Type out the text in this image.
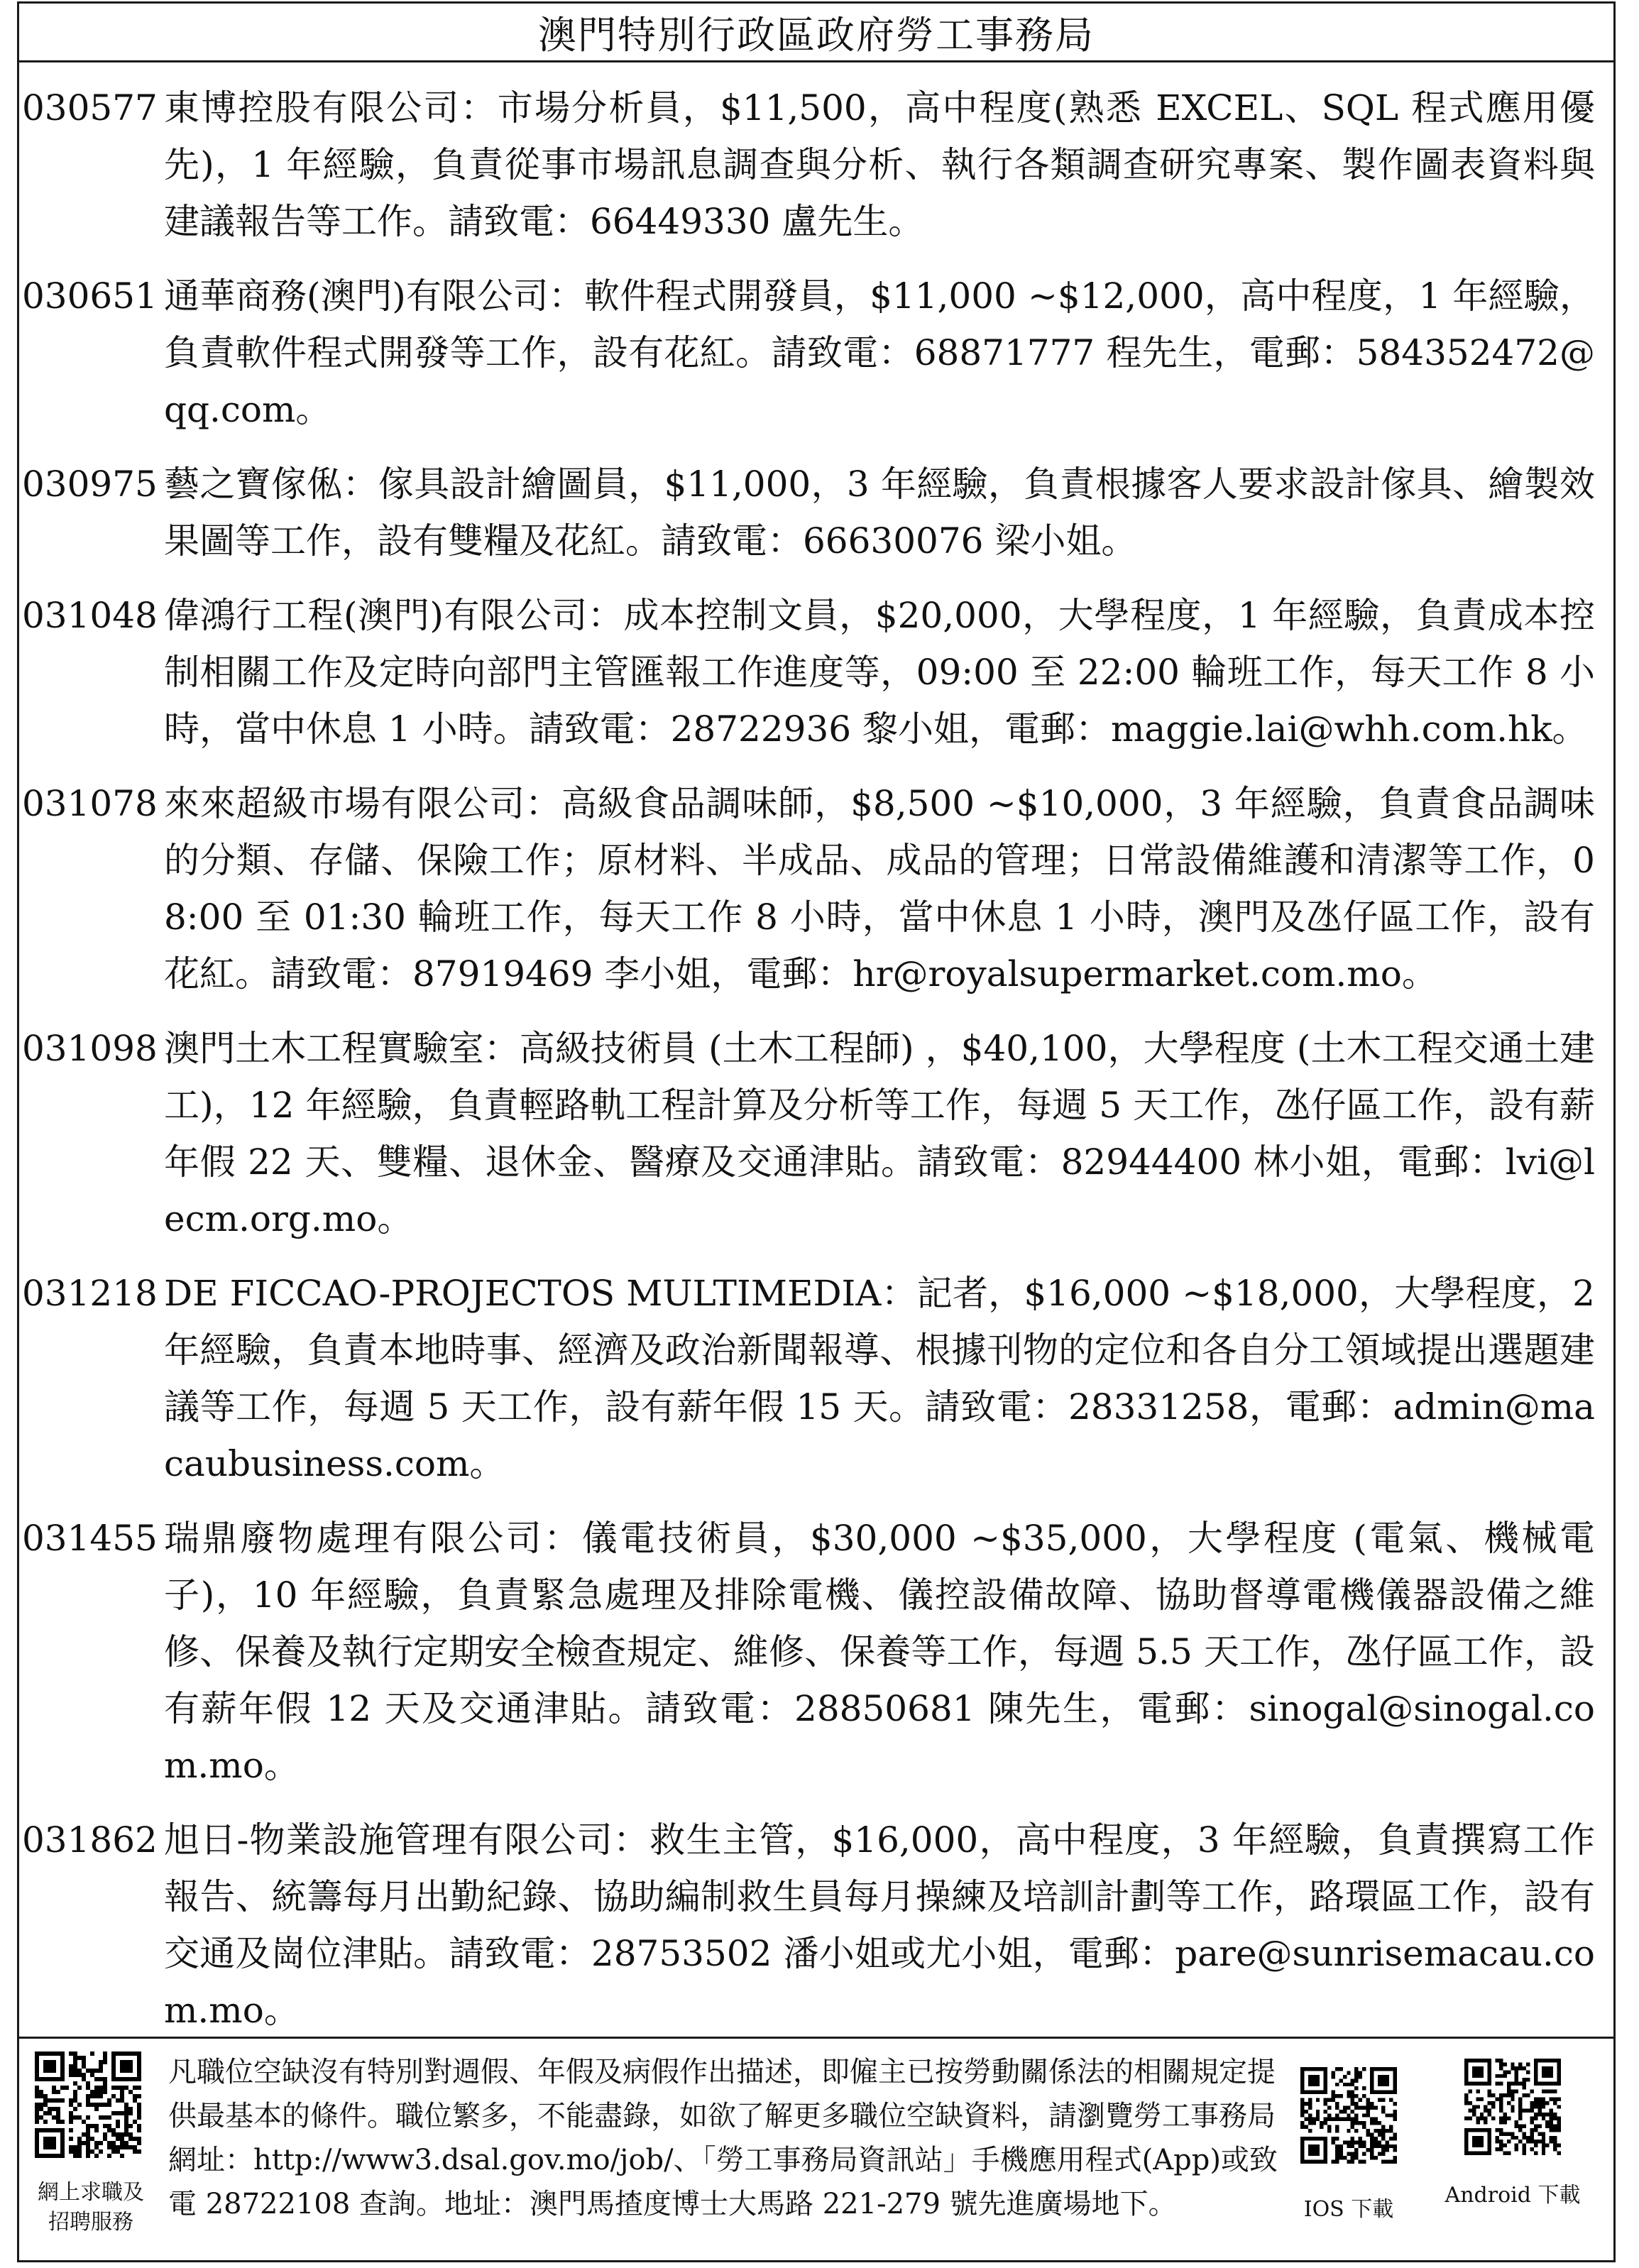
澳門特別行政區政府勞工事務局
030577 東博控股有限公司：市場分析員，$11,500，高中程度(熟悉 EXCEL、SQL 程式應用優先)，1 年經驗，負責從事市場訊息調查與分析、執行各類調查研究專案、製作圖表資料與建議報告等工作。請致電：66449330 盧先生。
030651 通華商務(澳門)有限公司：軟件程式開發員，$11,000 ~$12,000，高中程度，1 年經驗，負責軟件程式開發等工作，設有花紅。請致電：68871777 程先生，電郵：584352472@qq.com。
030975 藝之寶傢俬：傢具設計繪圖員，$11,000，3 年經驗，負責根據客人要求設計傢具、繪製效果圖等工作，設有雙糧及花紅。請致電：66630076 梁小姐。
031048 偉鴻行工程(澳門)有限公司：成本控制文員，$20,000，大學程度，1 年經驗，負責成本控制相關工作及定時向部門主管匯報工作進度等，09:00 至 22:00 輪班工作，每天工作 8 小時，當中休息 1 小時。請致電：28722936 黎小姐，電郵：maggie.lai@whh.com.hk。
031078 來來超級市場有限公司：高級食品調味師，$8,500 ~$10,000，3 年經驗，負責食品調味的分類、存儲、保險工作；原材料、半成品、成品的管理；日常設備維護和清潔等工作，08:00 至 01:30 輪班工作，每天工作 8 小時，當中休息 1 小時，澳門及氹仔區工作，設有花紅。請致電：87919469 李小姐，電郵：hr@royalsupermarket.com.mo。
031098 澳門土木工程實驗室：高級技術員 (土木工程師) ，$40,100，大學程度 (土木工程交通土建工)，12 年經驗，負責輕路軌工程計算及分析等工作，每週 5 天工作，氹仔區工作，設有薪年假 22 天、雙糧、退休金、醫療及交通津貼。請致電：82944400 林小姐，電郵：lvi@lecm.org.mo。
031218 DE FICCAO-PROJECTOS MULTIMEDIA：記者，$16,000 ~$18,000，大學程度，2 年經驗，負責本地時事、經濟及政治新聞報導、根據刊物的定位和各自分工領域提出選題建議等工作，每週 5 天工作，設有薪年假 15 天。請致電：28331258，電郵：admin@macaubusiness.com。
031455 瑞鼎廢物處理有限公司：儀電技術員，$30,000 ~$35,000，大學程度 (電氣、機械電子)，10 年經驗，負責緊急處理及排除電機、儀控設備故障、協助督導電機儀器設備之維修、保養及執行定期安全檢查規定、維修、保養等工作，每週 5.5 天工作，氹仔區工作，設有薪年假 12 天及交通津貼。請致電：28850681 陳先生，電郵：sinogal@sinogal.com.mo。
031862 旭日-物業設施管理有限公司：救生主管，$16,000，高中程度，3 年經驗，負責撰寫工作報告、統籌每月出勤紀錄、協助編制救生員每月操練及培訓計劃等工作，路環區工作，設有交通及崗位津貼。請致電：28753502 潘小姐或尤小姐，電郵：pare@sunrisemacau.com.mo。
網上求職及
招聘服務
凡職位空缺沒有特別對週假、年假及病假作出描述，即僱主已按勞動關係法的相關規定提供最基本的條件。職位繁多，不能盡錄，如欲了解更多職位空缺資料，請瀏覽勞工事務局網址：http://www3.dsal.gov.mo/job/、「勞工事務局資訊站」手機應用程式(App)或致電 28722108 查詢。地址：澳門馬揸度博士大馬路 221-279 號先進廣場地下。	IOS 下載
Android 下載
